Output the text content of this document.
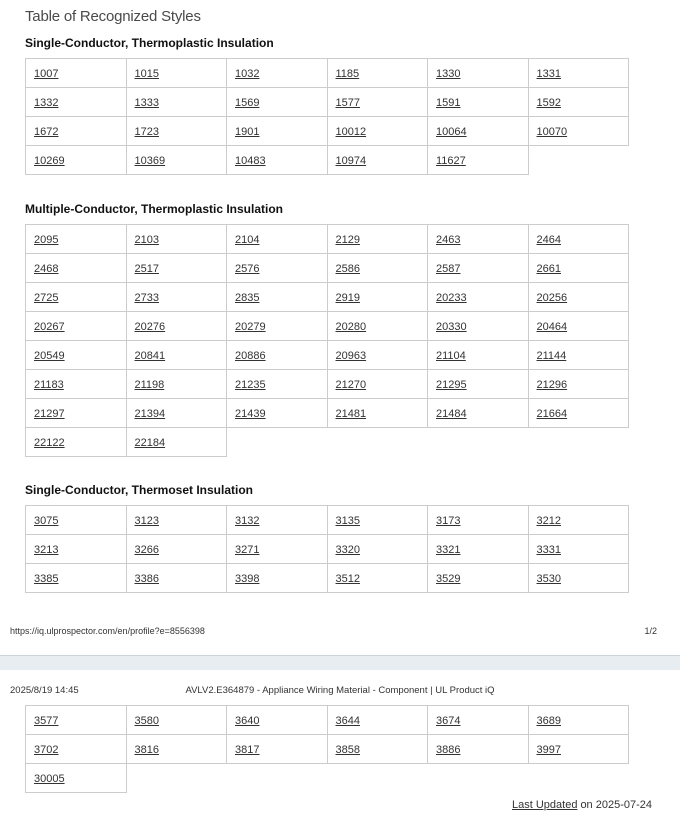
Table of Recognized Styles
Single-Conductor, Thermoplastic Insulation
1007	1015	1032	1185	1330	1331
1332	1333	1569	1577	1591	1592
1672	1723	1901	10012	10064	10070
10269	10369	10483	10974	11627	
Multiple-Conductor, Thermoplastic Insulation
2095	2103	2104	2129	2463	2464
2468	2517	2576	2586	2587	2661
2725	2733	2835	2919	20233	20256
20267	20276	20279	20280	20330	20464
20549	20841	20886	20963	21104	21144
21183	21198	21235	21270	21295	21296
21297	21394	21439	21481	21484	21664
22122	22184				
Single-Conductor, Thermoset Insulation
3075	3123	3132	3135	3173	3212
3213	3266	3271	3320	3321	3331
3385	3386	3398	3512	3529	3530
https://iq.ulprospector.com/en/profile?e=8556398	1/2
2025/8/19 14:45	AVLV2.E364879 - Appliance Wiring Material - Component | UL Product iQ
3577	3580	3640	3644	3674	3689
3702	3816	3817	3858	3886	3997
30005					
Last Updated on 2025-07-24
